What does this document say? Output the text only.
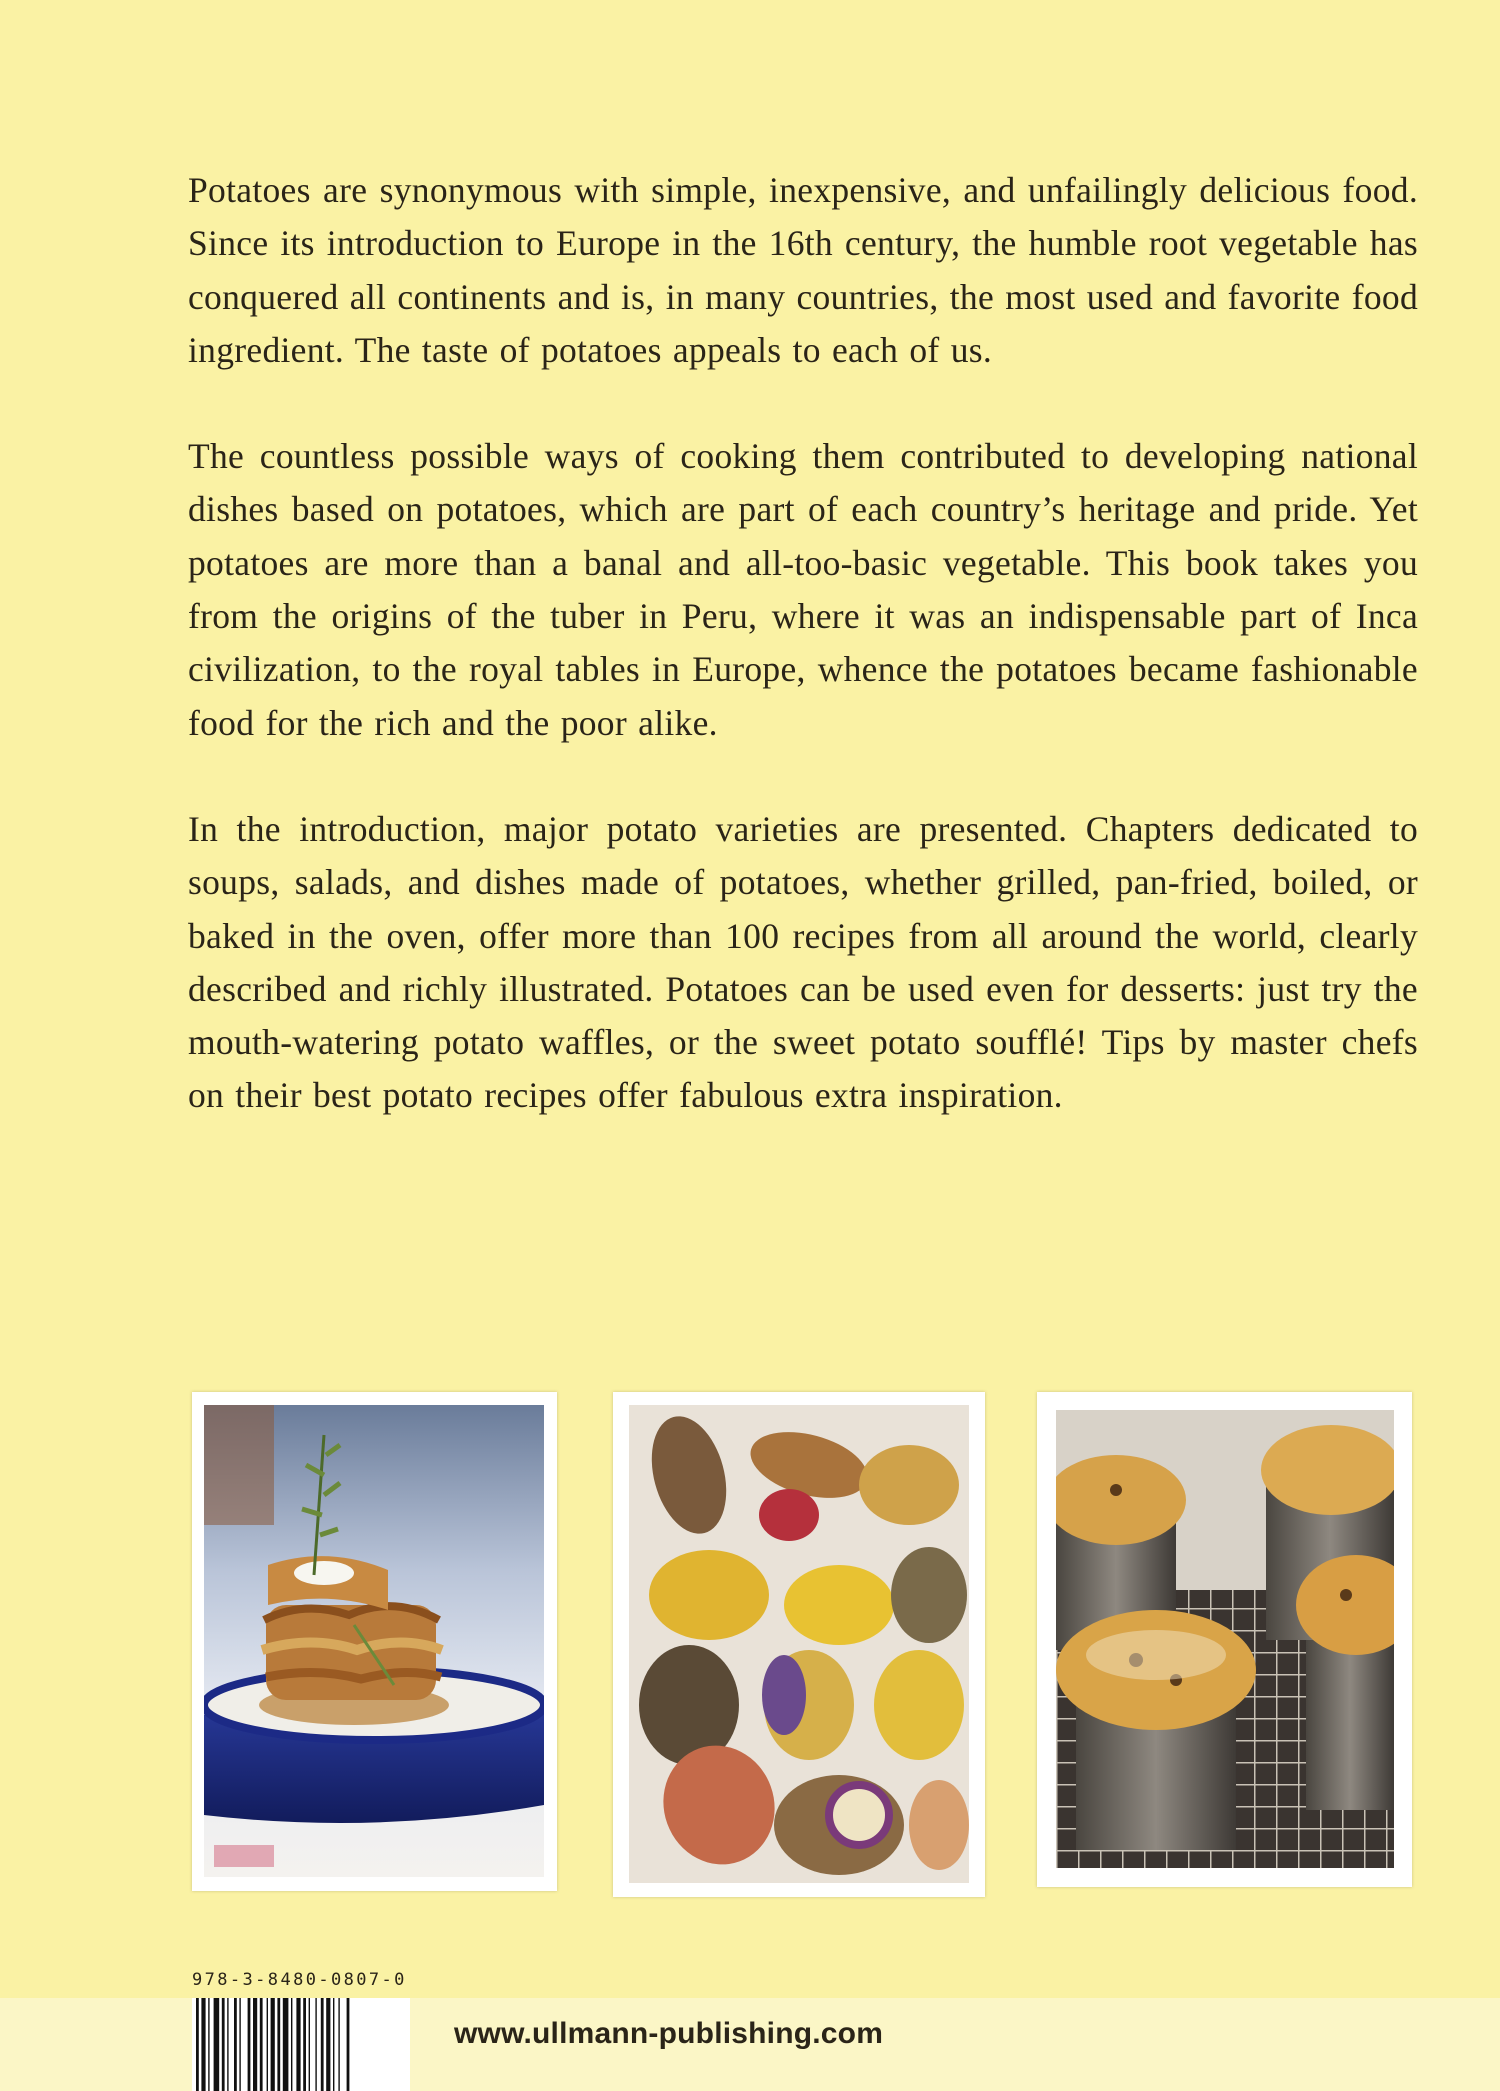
Potatoes are synonymous with simple, inexpensive, and unfailingly delicious food. Since its introduction to Europe in the 16th century, the humble root vegetable has conquered all continents and is, in many countries, the most used and favorite food ingredient. The taste of potatoes appeals to each of us.

The countless possible ways of cooking them contributed to developing national dishes based on potatoes, which are part of each country’s heritage and pride. Yet potatoes are more than a banal and all-too-basic vegetable. This book takes you from the origins of the tuber in Peru, where it was an indispensable part of Inca civilization, to the royal tables in Europe, whence the potatoes became fashionable food for the rich and the poor alike.

In the introduction, major potato varieties are presented. Chapters dedicated to soups, salads, and dishes made of potatoes, whether grilled, pan-fried, boiled, or baked in the oven, offer more than 100 recipes from all around the world, clearly described and richly illustrated. Potatoes can be used even for desserts: just try the mouth-watering potato waffles, or the sweet potato soufflé! Tips by master chefs on their best potato recipes offer fabulous extra inspiration.

978-3-8480-0807-0
www.ullmann-publishing.com
